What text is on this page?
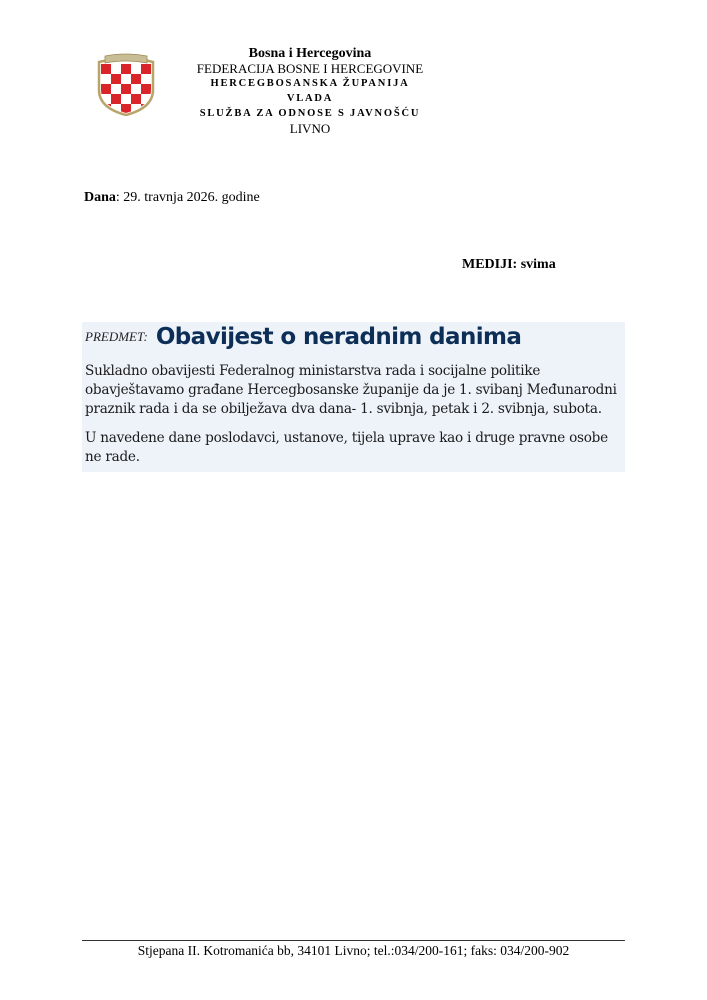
Bosna i Hercegovina
FEDERACIJA BOSNE I HERCEGOVINE
HERCEGBOSANSKA ŽUPANIJA
VLADA
SLUŽBA ZA ODNOSE S JAVNOŠĆU
LIVNO
Dana: 29. travnja 2026. godine
MEDIJI: svima
PREDMET: Obavijest o neradnim danima

Sukladno obavijesti Federalnog ministarstva rada i socijalne politike obavještavamo građane Hercegbosanske županije da je 1. svibanj Međunarodni praznik rada i da se obilježava dva dana- 1. svibnja, petak i 2. svibnja, subota.

U navedene dane poslodavci, ustanove, tijela uprave kao i druge pravne osobe ne rade.

Stjepana II. Kotromanića bb, 34101 Livno; tel.:034/200-161; faks: 034/200-902
